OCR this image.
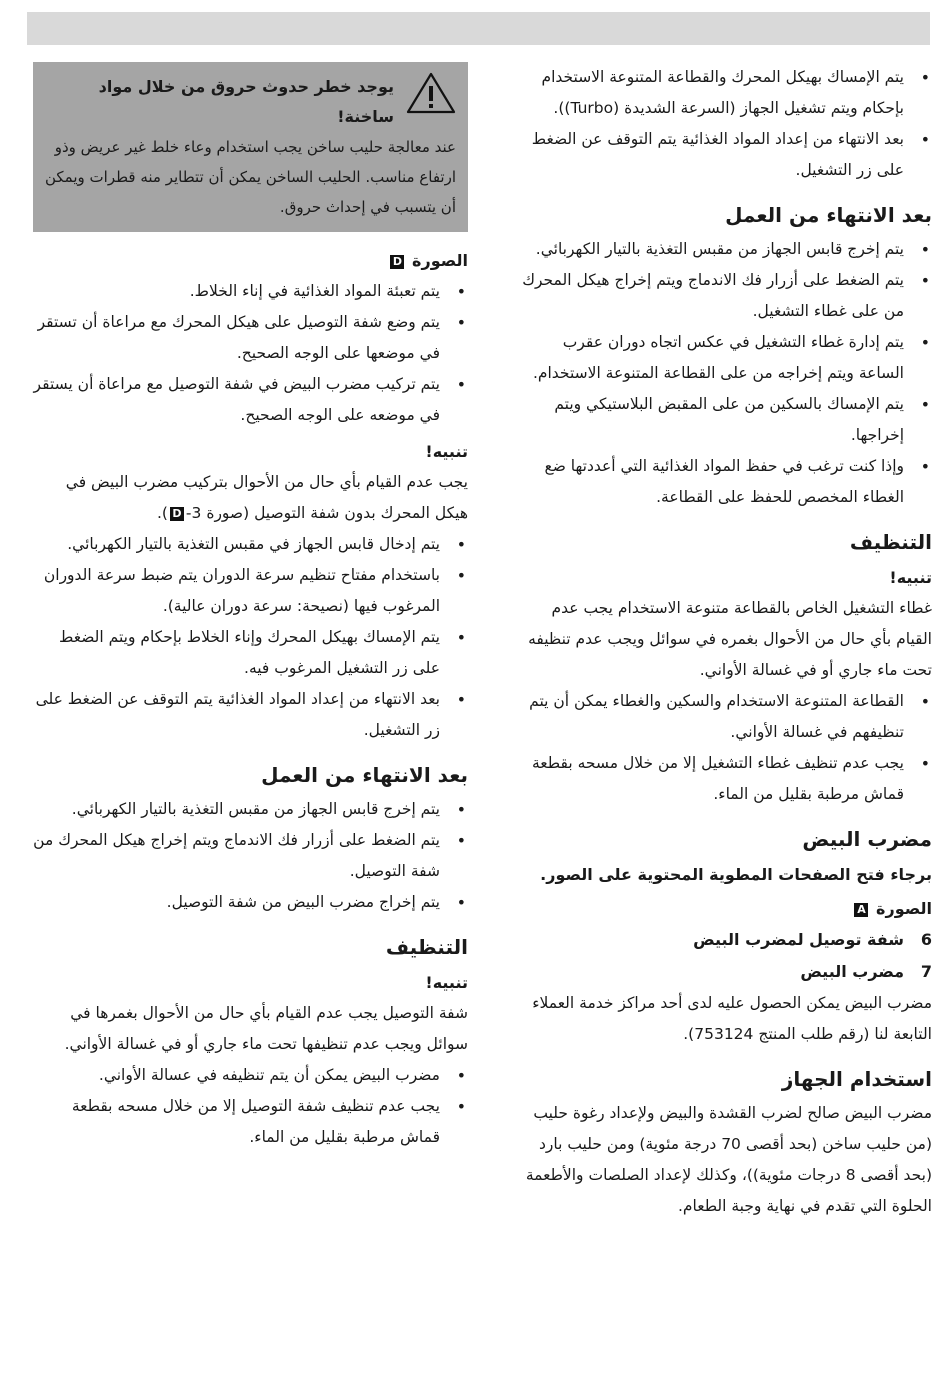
• يتم الإمساك بهيكل المحرك والقطاعة المتنوعة الاستخدام بإحكام ويتم تشغيل الجهاز (السرعة الشديدة (Turbo)).
• بعد الانتهاء من إعداد المواد الغذائية يتم التوقف عن الضغط على زر التشغيل.
بعد الانتهاء من العمل
• يتم إخرج قابس الجهاز من مقبس التغذية بالتيار الكهربائي.
• يتم الضغط على أزرار فك الاندماج ويتم إخراج هيكل المحرك من على غطاء التشغيل.
• يتم إدارة غطاء التشغيل في عكس اتجاه دوران عقرب الساعة ويتم إخراجه من على القطاعة المتنوعة الاستخدام.
• يتم الإمساك بالسكين من على المقبض البلاستيكي ويتم إخراجها.
• وإذا كنت ترغب في حفظ المواد الغذائية التي أعددتها ضع الغطاء المخصص للحفظ على القطاعة.
التنظيف
تنبيه!

غطاء التشغيل الخاص بالقطاعة متنوعة الاستخدام يجب عدم القيام بأي حال من الأحوال بغمره في سوائل ويجب عدم تنظيفه تحت ماء جاري أو في غسالة الأواني.

• القطاعة المتنوعة الاستخدام والسكين والغطاء يمكن أن يتم تنظيفهم في غسالة الأواني.
• يجب عدم تنظيف غطاء التشغيل إلا من خلال مسحه بقطعة قماش مرطبة بقليل من الماء.
مضرب البيض
برجاء فتح الصفحات المطوية المحتوية على الصور.
الصورة A
6
شفة توصيل لمضرب البيض
7
مضرب البيض

مضرب البيض يمكن الحصول عليه لدى أحد مراكز خدمة العملاء التابعة لنا (رقم طلب المنتج 753124).

استخدام الجهاز

مضرب البيض صالح لضرب القشدة والبيض ولإعداد رغوة حليب (من حليب ساخن (بحد أقصى 70 درجة مئوية) ومن حليب بارد (بحد أقصى 8 درجات مئوية))، وكذلك لإعداد الصلصات والأطعمة الحلوة التي تقدم في نهاية وجبة الطعام.

يوجد خطر حدوث حروق من خلال مواد ساخنة!

عند معالجة حليب ساخن يجب استخدام وعاء خلط غير عريض وذو ارتفاع مناسب. الحليب الساخن يمكن أن تتطاير منه قطرات ويمكن أن يتسبب في إحداث حروق.

الصورة D
• يتم تعبئة المواد الغذائية في إناء الخلاط.
• يتم وضع شفة التوصيل على هيكل المحرك مع مراعاة أن تستقر في موضعها على الوجه الصحيح.
• يتم تركيب مضرب البيض في شفة التوصيل مع مراعاة أن يستقر في موضعه على الوجه الصحيح.
تنبيه!

يجب عدم القيام بأي حال من الأحوال بتركيب مضرب البيض في هيكل المحرك بدون شفة التوصيل (صورة 3-D).

• يتم إدخال قابس الجهاز في مقبس التغذية بالتيار الكهربائي.
• باستخدام مفتاح تنظيم سرعة الدوران يتم ضبط سرعة الدوران المرغوب فيها (نصيحة: سرعة دوران عالية).
• يتم الإمساك بهيكل المحرك وإناء الخلاط بإحكام ويتم الضغط على زر التشغيل المرغوب فيه.
• بعد الانتهاء من إعداد المواد الغذائية يتم التوقف عن الضغط على زر التشغيل.
بعد الانتهاء من العمل
• يتم إخرج قابس الجهاز من مقبس التغذية بالتيار الكهربائي.
• يتم الضغط على أزرار فك الاندماج ويتم إخراج هيكل المحرك من شفة التوصيل.
• يتم إخراج مضرب البيض من شفة التوصيل.
التنظيف
تنبيه!

شفة التوصيل يجب عدم القيام بأي حال من الأحوال بغمرها في سوائل ويجب عدم تنظيفها تحت ماء جاري أو في غسالة الأواني.

• مضرب البيض يمكن أن يتم تنظيفه في عسالة الأواني.
• يجب عدم تنظيف شفة التوصيل إلا من خلال مسحه بقطعة قماش مرطبة بقليل من الماء.
